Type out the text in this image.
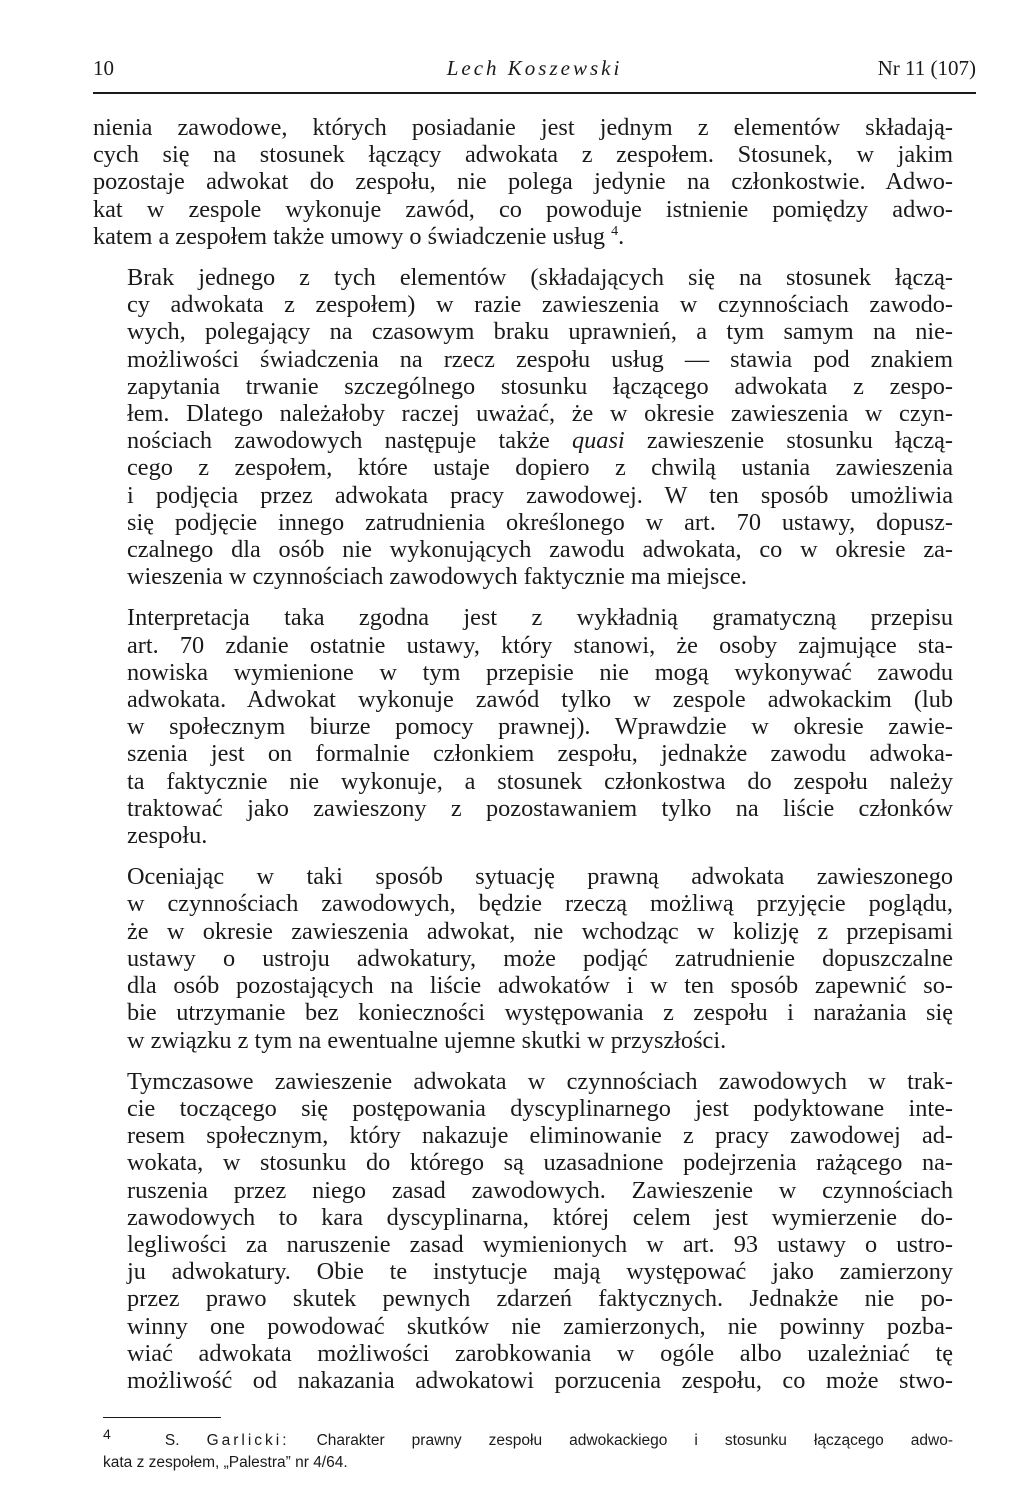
10	Lech Koszewski	Nr 11 (107)

nienia zawodowe, których posiadanie jest jednym z elementów składają-
cych się na stosunek łączący adwokata z zespołem. Stosunek, w jakim
pozostaje adwokat do zespołu, nie polega jedynie na członkostwie. Adwo-
kat w zespole wykonuje zawód, co powoduje istnienie pomiędzy adwo-
katem a zespołem także umowy o świadczenie usług $^4$.

Brak jednego z tych elementów (składających się na stosunek łączą-
cy adwokata z zespołem) w razie zawieszenia w czynnościach zawodo-
wych, polegający na czasowym braku uprawnień, a tym samym na nie-
możliwości świadczenia na rzecz zespołu usług — stawia pod znakiem
zapytania trwanie szczególnego stosunku łączącego adwokata z zespo-
łem. Dlatego należałoby raczej uważać, że w okresie zawieszenia w czyn-
nościach zawodowych następuje także quasi zawieszenie stosunku łączą-
cego z zespołem, które ustaje dopiero z chwilą ustania zawieszenia
i podjęcia przez adwokata pracy zawodowej. W ten sposób umożliwia
się podjęcie innego zatrudnienia określonego w art. 70 ustawy, dopusz-
czalnego dla osób nie wykonujących zawodu adwokata, co w okresie za-
wieszenia w czynnościach zawodowych faktycznie ma miejsce.

Interpretacja taka zgodna jest z wykładnią gramatyczną przepisu
art. 70 zdanie ostatnie ustawy, który stanowi, że osoby zajmujące sta-
nowiska wymienione w tym przepisie nie mogą wykonywać zawodu
adwokata. Adwokat wykonuje zawód tylko w zespole adwokackim (lub
w społecznym biurze pomocy prawnej). Wprawdzie w okresie zawie-
szenia jest on formalnie członkiem zespołu, jednakże zawodu adwoka-
ta faktycznie nie wykonuje, a stosunek członkostwa do zespołu należy
traktować jako zawieszony z pozostawaniem tylko na liście członków
zespołu.

Oceniając w taki sposób sytuację prawną adwokata zawieszonego
w czynnościach zawodowych, będzie rzeczą możliwą przyjęcie poglądu,
że w okresie zawieszenia adwokat, nie wchodząc w kolizję z przepisami
ustawy o ustroju adwokatury, może podjąć zatrudnienie dopuszczalne
dla osób pozostających na liście adwokatów i w ten sposób zapewnić so-
bie utrzymanie bez konieczności występowania z zespołu i narażania się
w związku z tym na ewentualne ujemne skutki w przyszłości.

Tymczasowe zawieszenie adwokata w czynnościach zawodowych w trak-
cie toczącego się postępowania dyscyplinarnego jest podyktowane inte-
resem społecznym, który nakazuje eliminowanie z pracy zawodowej ad-
wokata, w stosunku do którego są uzasadnione podejrzenia rażącego na-
ruszenia przez niego zasad zawodowych. Zawieszenie w czynnościach
zawodowych to kara dyscyplinarna, której celem jest wymierzenie do-
legliwości za naruszenie zasad wymienionych w art. 93 ustawy o ustro-
ju adwokatury. Obie te instytucje mają występować jako zamierzony
przez prawo skutek pewnych zdarzeń faktycznych. Jednakże nie po-
winny one powodować skutków nie zamierzonych, nie powinny pozba-
wiać adwokata możliwości zarobkowania w ogóle albo uzależniać tę
możliwość od nakazania adwokatowi porzucenia zespołu, co może stwo-

$^4$	S. Garlicki: Charakter prawny zespołu adwokackiego i stosunku łączącego adwo-
kata z zespołem, „Palestra” nr 4/64.
